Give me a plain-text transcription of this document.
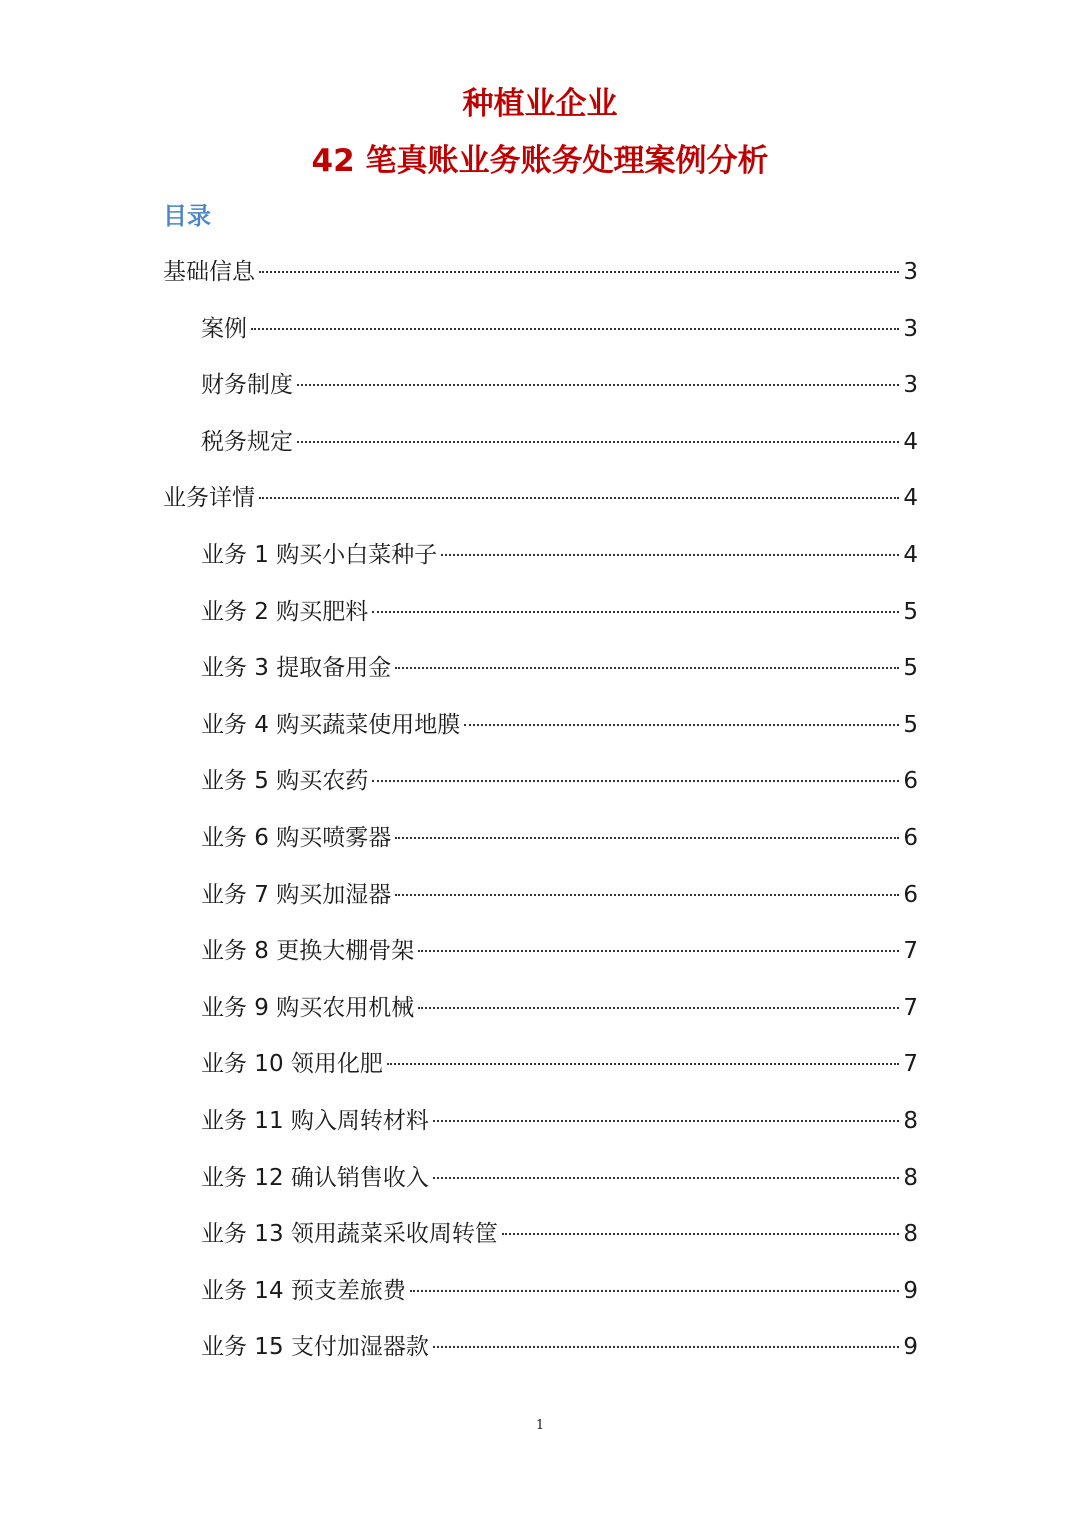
种植业企业
42 笔真账业务账务处理案例分析
目录
基础信息	3
案例	3
财务制度	3
税务规定	4
业务详情	4
业务 1 购买小白菜种子	4
业务 2 购买肥料	5
业务 3 提取备用金	5
业务 4 购买蔬菜使用地膜	5
业务 5 购买农药	6
业务 6 购买喷雾器	6
业务 7 购买加湿器	6
业务 8 更换大棚骨架	7
业务 9 购买农用机械	7
业务 10 领用化肥	7
业务 11 购入周转材料	8
业务 12 确认销售收入	8
业务 13 领用蔬菜采收周转筐	8
业务 14 预支差旅费	9
业务 15 支付加湿器款	9
1
